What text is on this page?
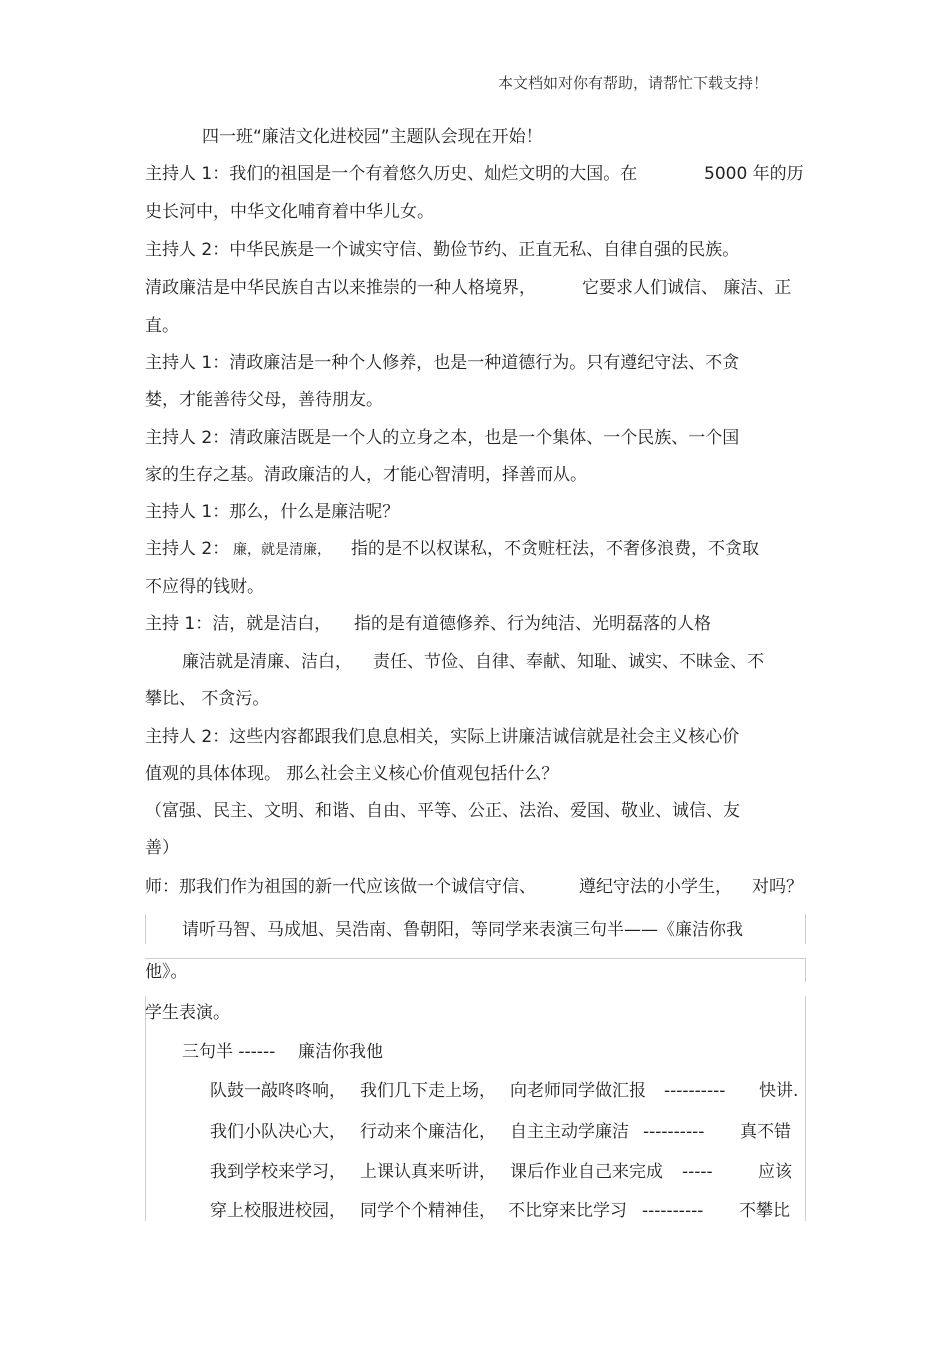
本文档如对你有帮助，请帮忙下载支持！
四一班“廉洁文化进校园”主题队会现在开始！
主持人 1：我们的祖国是一个有着悠久历史、灿烂文明的大国。在	5000 年的历
史长河中，中华文化哺育着中华儿女。
主持人 2：中华民族是一个诚实守信、勤俭节约、正直无私、自律自强的民族。
清政廉洁是中华民族自古以来推崇的一种人格境界，	它要求人们诚信、 廉洁、正
直。
主持人 1：清政廉洁是一种个人修养，也是一种道德行为。只有遵纪守法、不贪
婪，才能善待父母，善待朋友。
主持人 2：清政廉洁既是一个人的立身之本，也是一个集体、一个民族、一个国
家的生存之基。清政廉洁的人，才能心智清明，择善而从。
主持人 1：那么，什么是廉洁呢？
主持人 2： 廉，就是清廉， 指的是不以权谋私，不贪赃枉法，不奢侈浪费，不贪取
不应得的钱财。
主持 1：洁，就是洁白， 指的是有道德修养、行为纯洁、光明磊落的人格
廉洁就是清廉、洁白， 责任、节俭、自律、奉献、知耻、诚实、不昧金、不
攀比、 不贪污。
主持人 2：这些内容都跟我们息息相关，实际上讲廉洁诚信就是社会主义核心价
值观的具体体现。 那么社会主义核心价值观包括什么？
（富强、民主、文明、和谐、自由、平等、公正、法治、爱国、敬业、诚信、友
善）
师：那我们作为祖国的新一代应该做一个诚信守信、	遵纪守法的小学生， 对吗？
请听马智、马成旭、吴浩南、鲁朝阳，等同学来表演三句半——《廉洁你我
他》。
学生表演。
三句半 ------ 廉洁你我他
队鼓一敲咚咚响， 我们几下走上场， 向老师同学做汇报 ---------- 快讲.
我们小队决心大， 行动来个廉洁化， 自主主动学廉洁 ---------- 真不错
我到学校来学习， 上课认真来听讲， 课后作业自己来完成 -----	应该
穿上校服进校园， 同学个个精神佳， 不比穿来比学习 ---------- 不攀比
